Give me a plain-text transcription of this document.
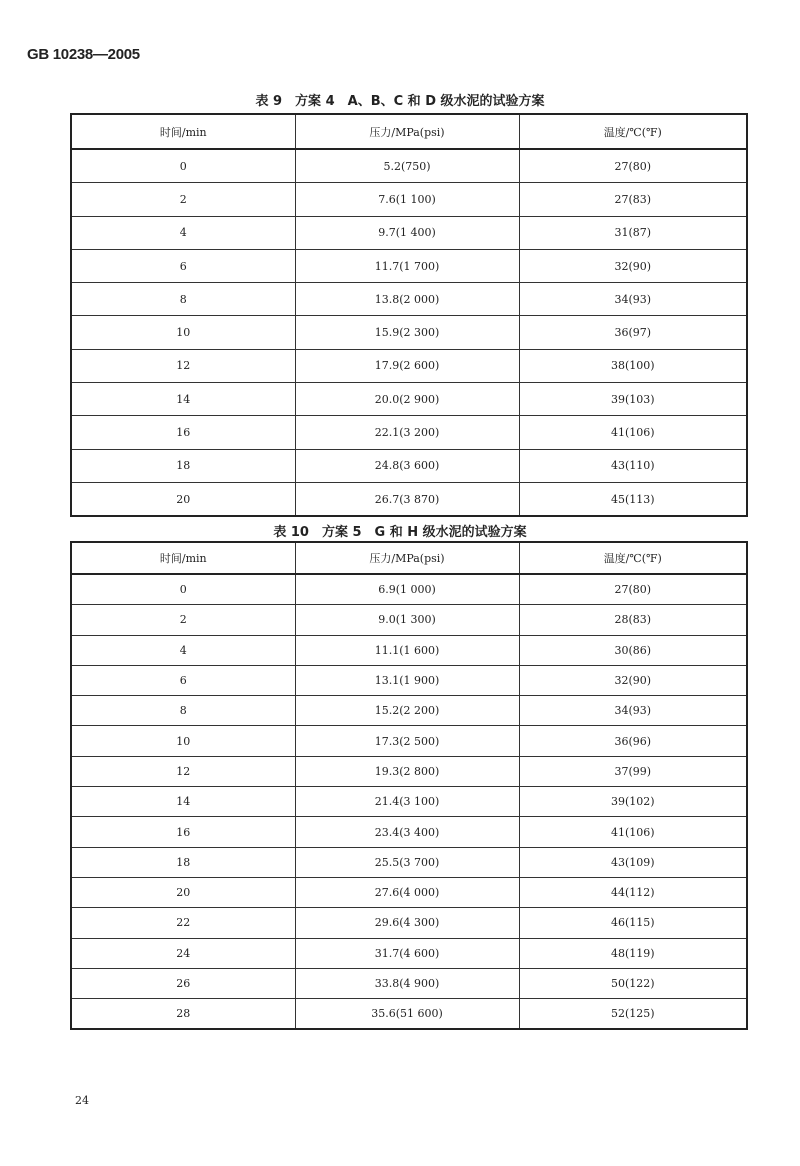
GB 10238—2005
表 9　方案 4　A、B、C 和 D 级水泥的试验方案
时间/min	压力/MPa(psi)	温度/℃(℉)
0	5.2(750)	27(80)
2	7.6(1 100)	27(83)
4	9.7(1 400)	31(87)
6	11.7(1 700)	32(90)
8	13.8(2 000)	34(93)
10	15.9(2 300)	36(97)
12	17.9(2 600)	38(100)
14	20.0(2 900)	39(103)
16	22.1(3 200)	41(106)
18	24.8(3 600)	43(110)
20	26.7(3 870)	45(113)
表 10　方案 5　G 和 H 级水泥的试验方案
时间/min	压力/MPa(psi)	温度/℃(℉)
0	6.9(1 000)	27(80)
2	9.0(1 300)	28(83)
4	11.1(1 600)	30(86)
6	13.1(1 900)	32(90)
8	15.2(2 200)	34(93)
10	17.3(2 500)	36(96)
12	19.3(2 800)	37(99)
14	21.4(3 100)	39(102)
16	23.4(3 400)	41(106)
18	25.5(3 700)	43(109)
20	27.6(4 000)	44(112)
22	29.6(4 300)	46(115)
24	31.7(4 600)	48(119)
26	33.8(4 900)	50(122)
28	35.6(51 600)	52(125)
24
